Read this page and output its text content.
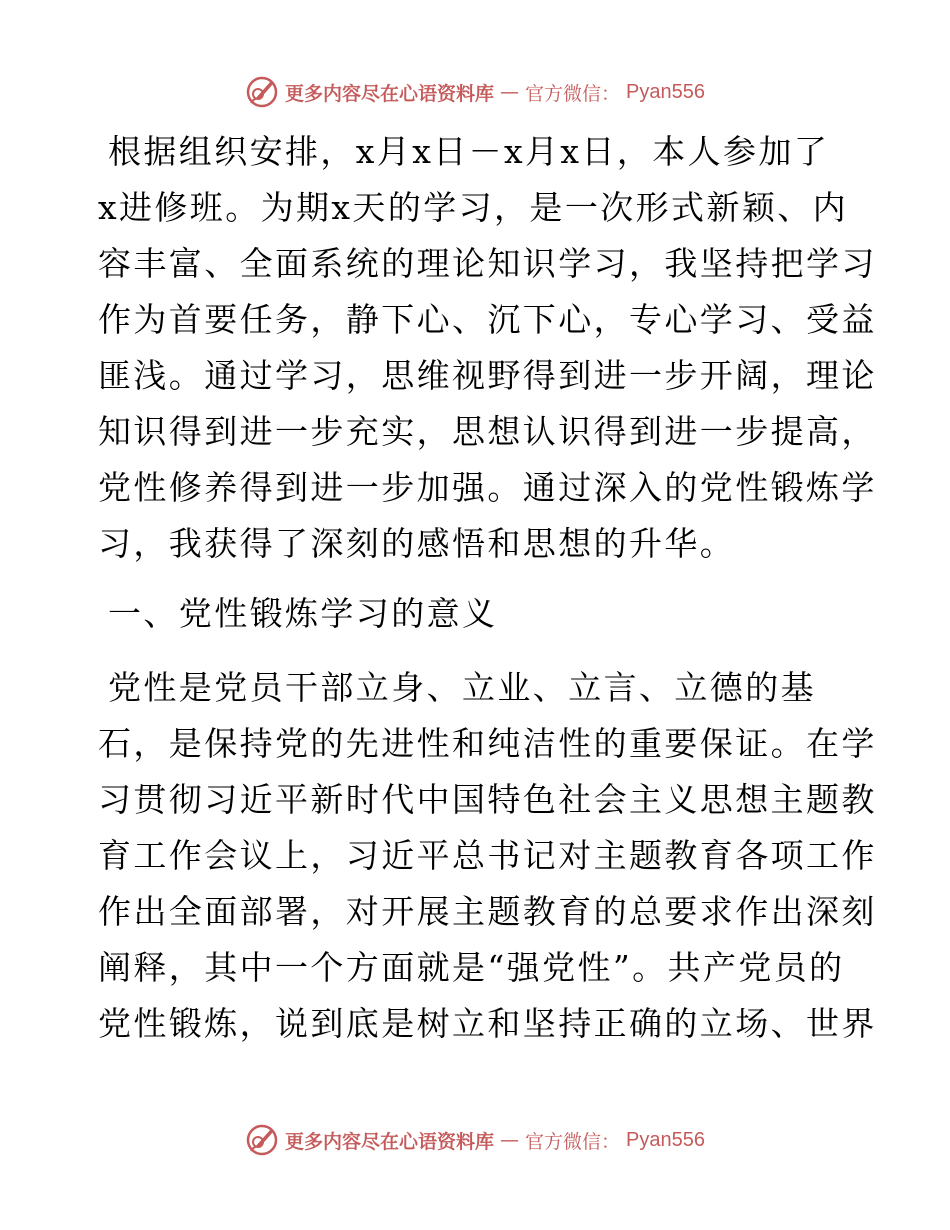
更多内容尽在心语资料库 — 官方微信： Pyan556
根据组织安排，x月x日－x月x日，本人参加了
x进修班。为期x天的学习，是一次形式新颖、内
容丰富、全面系统的理论知识学习，我坚持把学习
作为首要任务，静下心、沉下心，专心学习、受益
匪浅。通过学习，思维视野得到进一步开阔，理论
知识得到进一步充实，思想认识得到进一步提高，
党性修养得到进一步加强。通过深入的党性锻炼学
习，我获得了深刻的感悟和思想的升华。
一、党性锻炼学习的意义
党性是党员干部立身、立业、立言、立德的基
石，是保持党的先进性和纯洁性的重要保证。在学
习贯彻习近平新时代中国特色社会主义思想主题教
育工作会议上，习近平总书记对主题教育各项工作
作出全面部署，对开展主题教育的总要求作出深刻
阐释，其中一个方面就是“强党性”。共产党员的
党性锻炼，说到底是树立和坚持正确的立场、世界
更多内容尽在心语资料库 — 官方微信： Pyan556
